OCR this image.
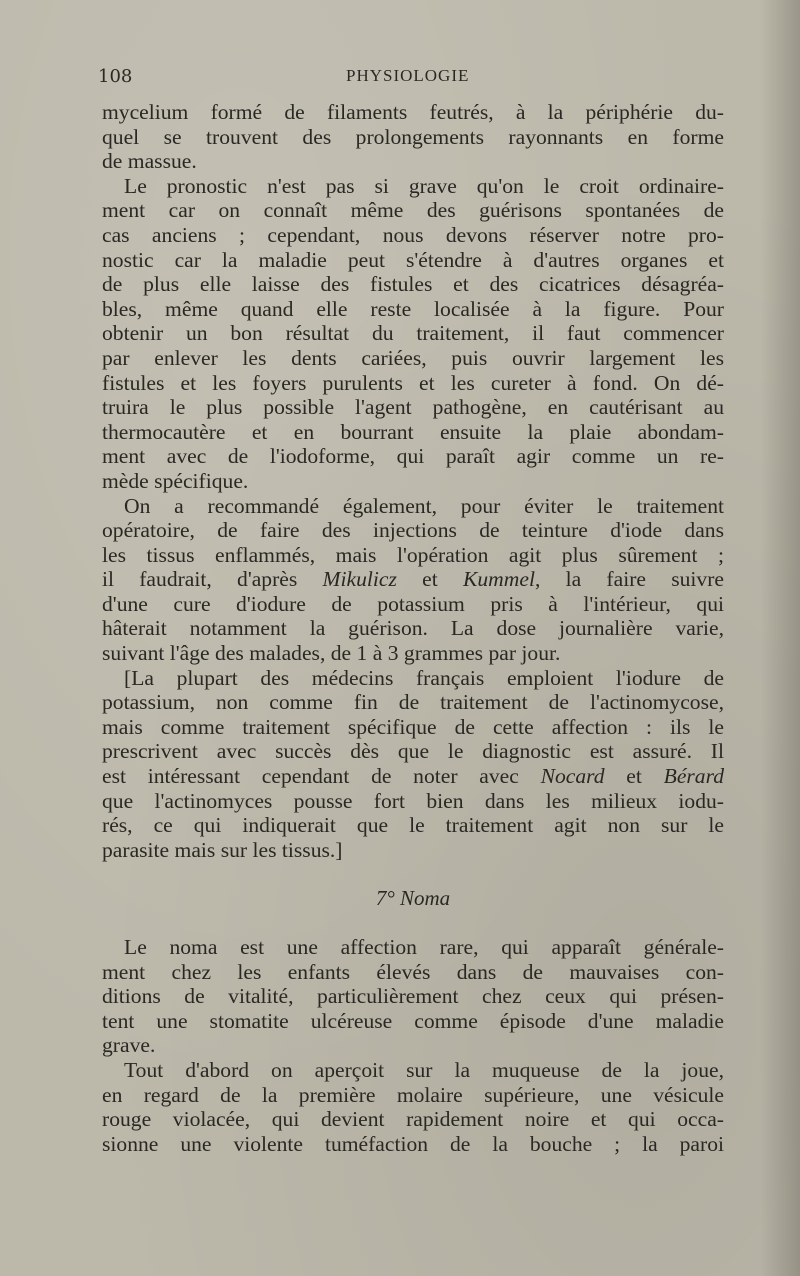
108	PHYSIOLOGIE
mycelium formé de filaments feutrés, à la périphérie du-
quel se trouvent des prolongements rayonnants en forme
de massue.
Le pronostic n'est pas si grave qu'on le croit ordinaire-
ment car on connaît même des guérisons spontanées de
cas anciens ; cependant, nous devons réserver notre pro-
nostic car la maladie peut s'étendre à d'autres organes et
de plus elle laisse des fistules et des cicatrices désagréa-
bles, même quand elle reste localisée à la figure. Pour
obtenir un bon résultat du traitement, il faut commencer
par enlever les dents cariées, puis ouvrir largement les
fistules et les foyers purulents et les cureter à fond. On dé-
truira le plus possible l'agent pathogène, en cautérisant au
thermocautère et en bourrant ensuite la plaie abondam-
ment avec de l'iodoforme, qui paraît agir comme un re-
mède spécifique.
On a recommandé également, pour éviter le traitement
opératoire, de faire des injections de teinture d'iode dans
les tissus enflammés, mais l'opération agit plus sûrement ;
il faudrait, d'après Mikulicz et Kummel, la faire suivre
d'une cure d'iodure de potassium pris à l'intérieur, qui
hâterait notamment la guérison. La dose journalière varie,
suivant l'âge des malades, de 1 à 3 grammes par jour.
[La plupart des médecins français emploient l'iodure de
potassium, non comme fin de traitement de l'actinomycose,
mais comme traitement spécifique de cette affection : ils le
prescrivent avec succès dès que le diagnostic est assuré. Il
est intéressant cependant de noter avec Nocard et Bérard
que l'actinomyces pousse fort bien dans les milieux iodu-
rés, ce qui indiquerait que le traitement agit non sur le
parasite mais sur les tissus.]
7° Noma
Le noma est une affection rare, qui apparaît générale-
ment chez les enfants élevés dans de mauvaises con-
ditions de vitalité, particulièrement chez ceux qui présen-
tent une stomatite ulcéreuse comme épisode d'une maladie
grave.
Tout d'abord on aperçoit sur la muqueuse de la joue,
en regard de la première molaire supérieure, une vésicule
rouge violacée, qui devient rapidement noire et qui occa-
sionne une violente tuméfaction de la bouche ; la paroi
